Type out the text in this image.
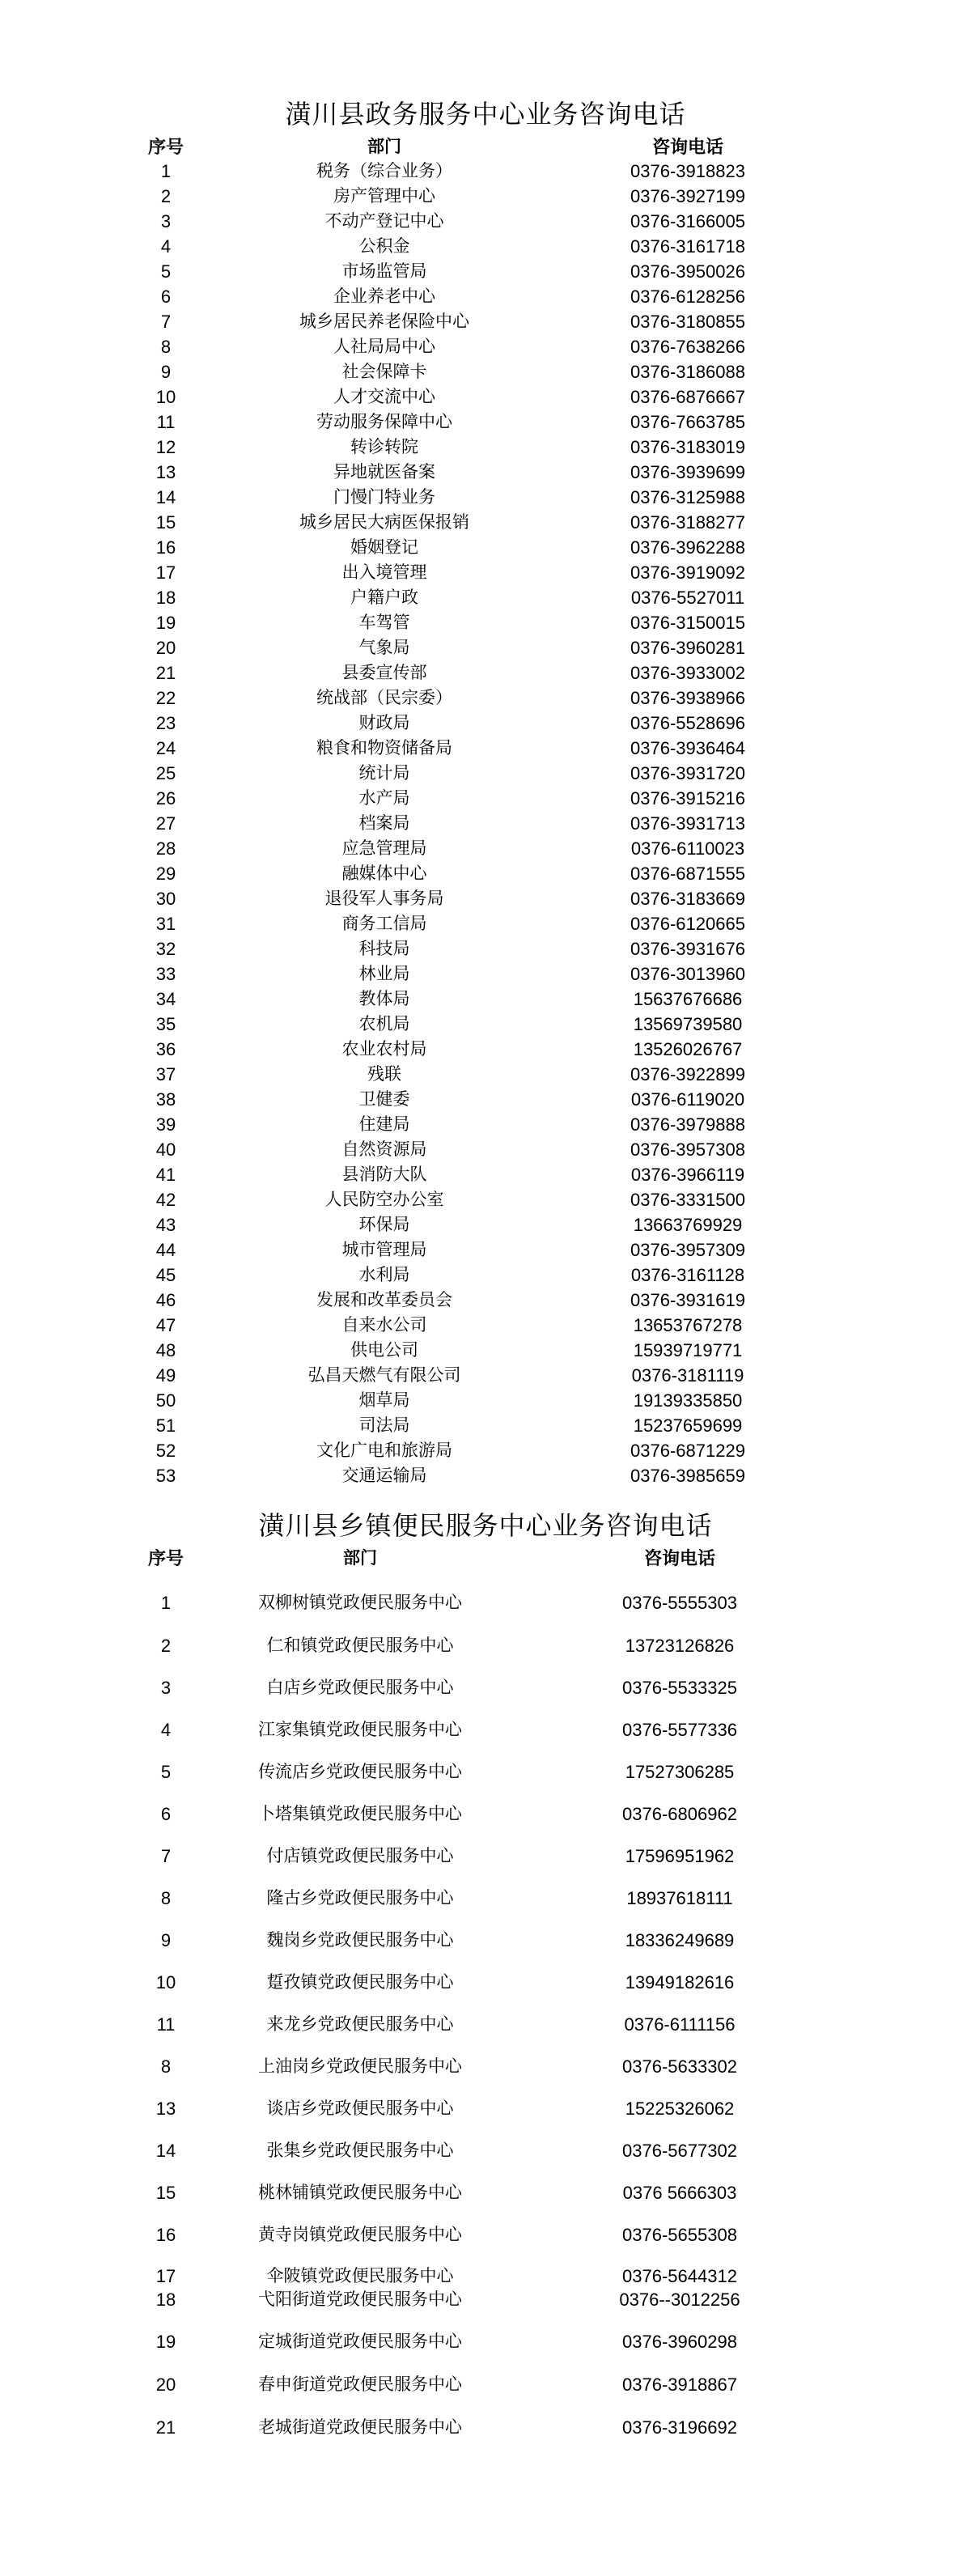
潢川县政务服务中心业务咨询电话
序号	部门	咨询电话
1	税务（综合业务）	0376-3918823
2	房产管理中心	0376-3927199
3	不动产登记中心	0376-3166005
4	公积金	0376-3161718
5	市场监管局	0376-3950026
6	企业养老中心	0376-6128256
7	城乡居民养老保险中心	0376-3180855
8	人社局局中心	0376-7638266
9	社会保障卡	0376-3186088
10	人才交流中心	0376-6876667
11	劳动服务保障中心	0376-7663785
12	转诊转院	0376-3183019
13	异地就医备案	0376-3939699
14	门慢门特业务	0376-3125988
15	城乡居民大病医保报销	0376-3188277
16	婚姻登记	0376-3962288
17	出入境管理	0376-3919092
18	户籍户政	0376-5527011
19	车驾管	0376-3150015
20	气象局	0376-3960281
21	县委宣传部	0376-3933002
22	统战部（民宗委）	0376-3938966
23	财政局	0376-5528696
24	粮食和物资储备局	0376-3936464
25	统计局	0376-3931720
26	水产局	0376-3915216
27	档案局	0376-3931713
28	应急管理局	0376-6110023
29	融媒体中心	0376-6871555
30	退役军人事务局	0376-3183669
31	商务工信局	0376-6120665
32	科技局	0376-3931676
33	林业局	0376-3013960
34	教体局	15637676686
35	农机局	13569739580
36	农业农村局	13526026767
37	残联	0376-3922899
38	卫健委	0376-6119020
39	住建局	0376-3979888
40	自然资源局	0376-3957308
41	县消防大队	0376-3966119
42	人民防空办公室	0376-3331500
43	环保局	13663769929
44	城市管理局	0376-3957309
45	水利局	0376-3161128
46	发展和改革委员会	0376-3931619
47	自来水公司	13653767278
48	供电公司	15939719771
49	弘昌天燃气有限公司	0376-3181119
50	烟草局	19139335850
51	司法局	15237659699
52	文化广电和旅游局	0376-6871229
53	交通运输局	0376-3985659
潢川县乡镇便民服务中心业务咨询电话
序号	部门	咨询电话
1	双柳树镇党政便民服务中心	0376-5555303
2	仁和镇党政便民服务中心	13723126826
3	白店乡党政便民服务中心	0376-5533325
4	江家集镇党政便民服务中心	0376-5577336
5	传流店乡党政便民服务中心	17527306285
6	卜塔集镇党政便民服务中心	0376-6806962
7	付店镇党政便民服务中心	17596951962
8	隆古乡党政便民服务中心	18937618111
9	魏岗乡党政便民服务中心	18336249689
10	踅孜镇党政便民服务中心	13949182616
11	来龙乡党政便民服务中心	0376-6111156
8	上油岗乡党政便民服务中心	0376-5633302
13	谈店乡党政便民服务中心	15225326062
14	张集乡党政便民服务中心	0376-5677302
15	桃林铺镇党政便民服务中心	0376 5666303
16	黄寺岗镇党政便民服务中心	0376-5655308
17	伞陂镇党政便民服务中心	0376-5644312
18	弋阳街道党政便民服务中心	0376--3012256
19	定城街道党政便民服务中心	0376-3960298
20	春申街道党政便民服务中心	0376-3918867
21	老城街道党政便民服务中心	0376-3196692
